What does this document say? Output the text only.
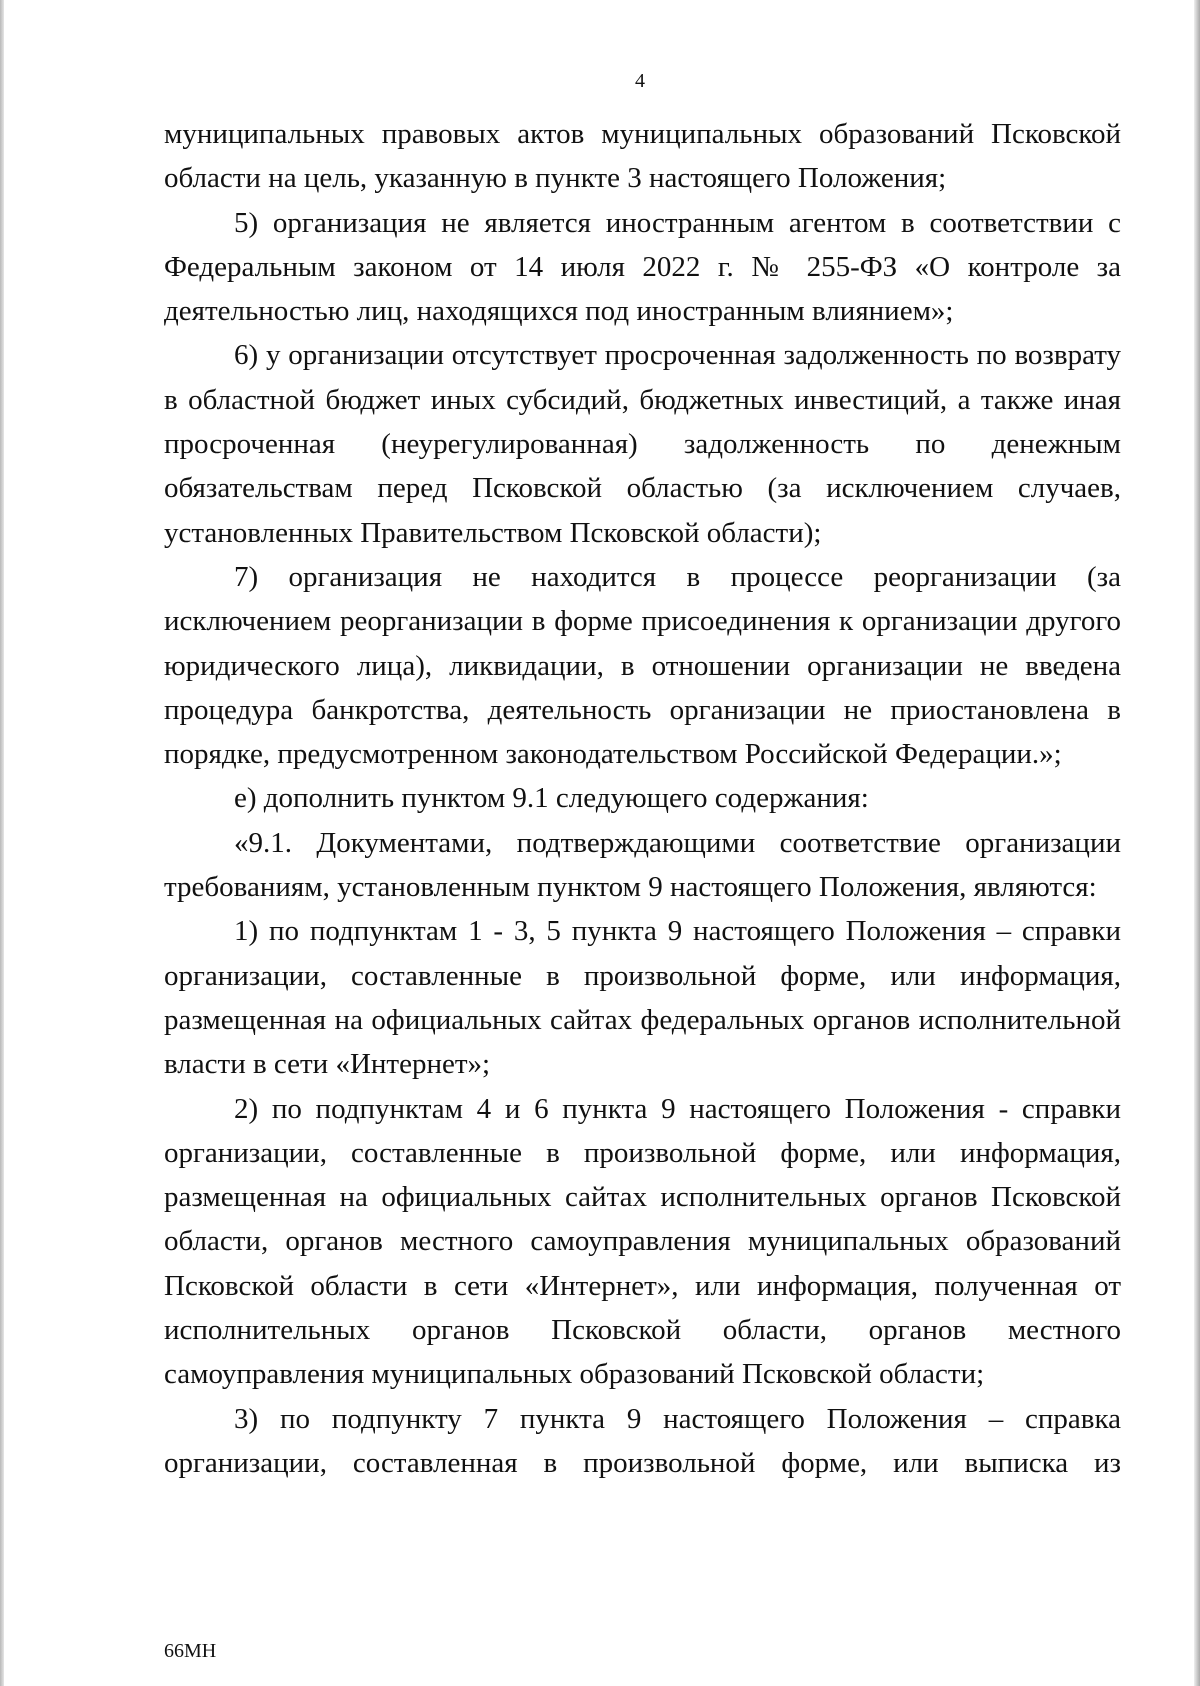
4

муниципальных правовых актов муниципальных образований Псковской области на цель, указанную в пункте 3 настоящего Положения;

5) организация не является иностранным агентом в соответствии с Федеральным законом от 14 июля 2022 г. № 255-ФЗ «О контроле за деятельностью лиц, находящихся под иностранным влиянием»;

6) у организации отсутствует просроченная задолженность по возврату в областной бюджет иных субсидий, бюджетных инвестиций, а также иная просроченная (неурегулированная) задолженность по денежным обязательствам перед Псковской областью (за исключением случаев, установленных Правительством Псковской области);

7) организация не находится в процессе реорганизации (за исключением реорганизации в форме присоединения к организации другого юридического лица), ликвидации, в отношении организации не введена процедура банкротства, деятельность организации не приостановлена в порядке, предусмотренном законодательством Российской Федерации.»;

е) дополнить пунктом 9.1 следующего содержания:

«9.1. Документами, подтверждающими соответствие организации требованиям, установленным пунктом 9 настоящего Положения, являются:

1) по подпунктам 1 - 3, 5 пункта 9 настоящего Положения – справки организации, составленные в произвольной форме, или информация, размещенная на официальных сайтах федеральных органов исполнительной власти в сети «Интернет»;

2) по подпунктам 4 и 6 пункта 9 настоящего Положения - справки организации, составленные в произвольной форме, или информация, размещенная на официальных сайтах исполнительных органов Псковской области, органов местного самоуправления муниципальных образований Псковской области в сети «Интернет», или информация, полученная от исполнительных органов Псковской области, органов местного самоуправления муниципальных образований Псковской области;

3) по подпункту 7 пункта 9 настоящего Положения – справка организации, составленная в произвольной форме, или выписка из

66МН
